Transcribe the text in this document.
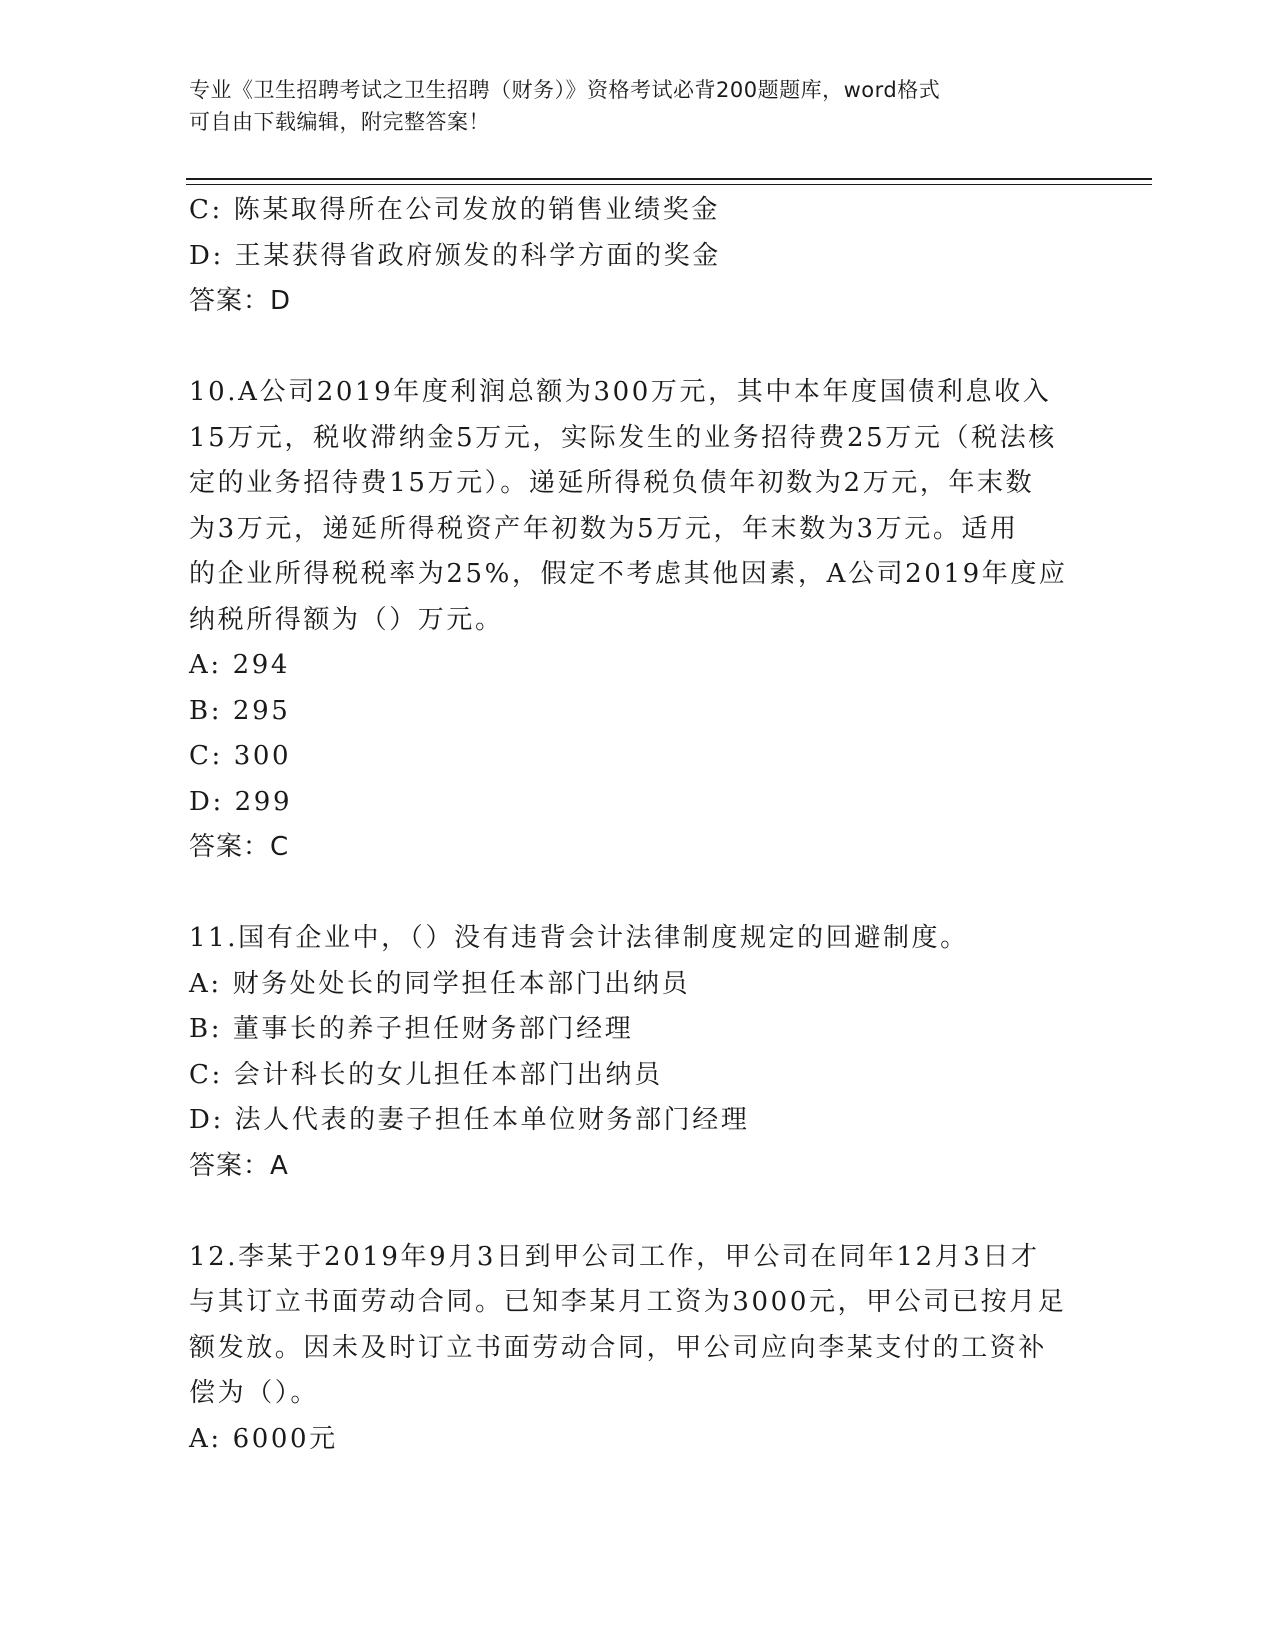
专业《卫生招聘考试之卫生招聘（财务）》资格考试必背200题题库，word格式
可自由下载编辑，附完整答案！
C: 陈某取得所在公司发放的销售业绩奖金
D: 王某获得省政府颁发的科学方面的奖金
答案：D
10.A公司2019年度利润总额为300万元，其中本年度国债利息收入
15万元，税收滞纳金5万元，实际发生的业务招待费25万元（税法核
定的业务招待费15万元）。递延所得税负债年初数为2万元，年末数
为3万元，递延所得税资产年初数为5万元，年末数为3万元。适用
的企业所得税税率为25%，假定不考虑其他因素，A公司2019年度应
纳税所得额为（）万元。
A: 294
B: 295
C: 300
D: 299
答案：C
11.国有企业中，（）没有违背会计法律制度规定的回避制度。
A: 财务处处长的同学担任本部门出纳员
B: 董事长的养子担任财务部门经理
C: 会计科长的女儿担任本部门出纳员
D: 法人代表的妻子担任本单位财务部门经理
答案：A
12.李某于2019年9月3日到甲公司工作，甲公司在同年12月3日才
与其订立书面劳动合同。已知李某月工资为3000元，甲公司已按月足
额发放。因未及时订立书面劳动合同，甲公司应向李某支付的工资补
偿为（）。
A: 6000元
